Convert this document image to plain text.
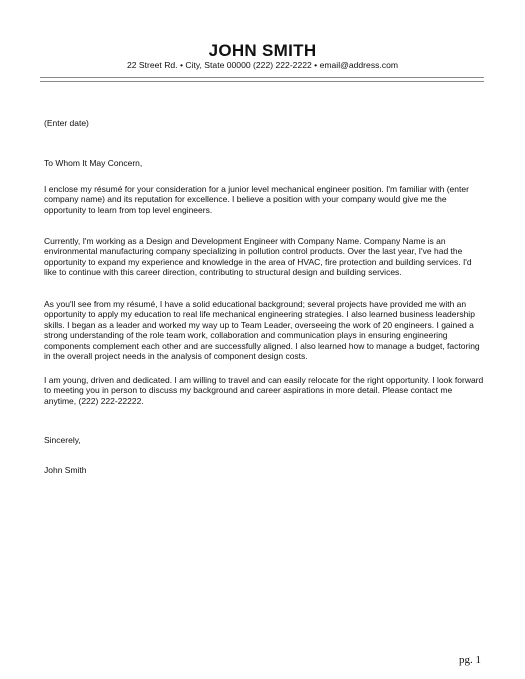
JOHN SMITH
22 Street Rd. • City, State 00000 (222) 222-2222 • email@address.com
(Enter date)
To Whom It May Concern,
I enclose my résumé for your consideration for a junior level mechanical engineer position. I'm familiar with (enter company name) and its reputation for excellence. I believe a position with your company would give me the opportunity to learn from top level engineers.
Currently, I'm working as a Design and Development Engineer with Company Name. Company Name is an environmental manufacturing company specializing in pollution control products. Over the last year, I've had the opportunity to expand my experience and knowledge in the area of HVAC, fire protection and building services. I'd like to continue with this career direction, contributing to structural design and building services.
As you'll see from my résumé, I have a solid educational background; several projects have provided me with an opportunity to apply my education to real life mechanical engineering strategies. I also learned business leadership skills. I began as a leader and worked my way up to Team Leader, overseeing the work of 20 engineers. I gained a strong understanding of the role team work, collaboration and communication plays in ensuring engineering components complement each other and are successfully aligned. I also learned how to manage a budget, factoring in the overall project needs in the analysis of component design costs.
I am young, driven and dedicated. I am willing to travel and can easily relocate for the right opportunity. I look forward to meeting you in person to discuss my background and career aspirations in more detail. Please contact me anytime, (222) 222-22222.
Sincerely,
John Smith
pg. 1
